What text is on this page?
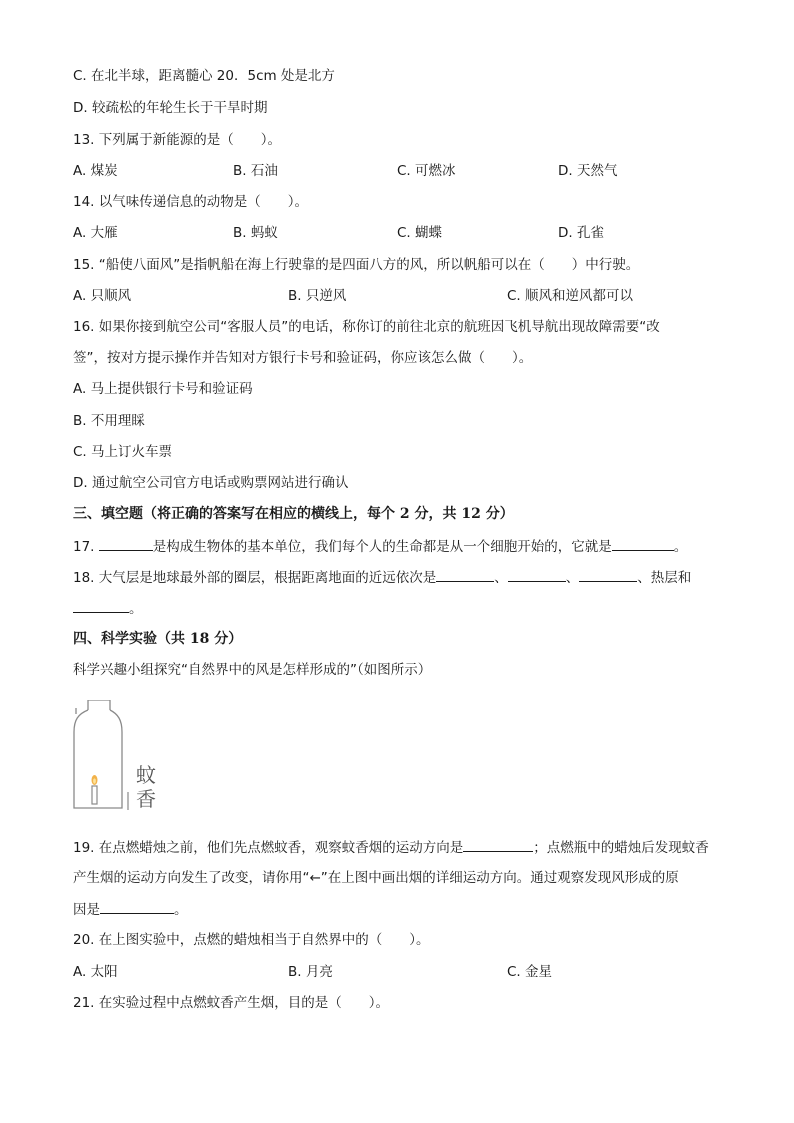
C. 在北半球，距离髓心 20．5cm 处是北方
D. 较疏松的年轮生长于干旱时期
13. 下列属于新能源的是（　　）。
A. 煤炭	B. 石油	C. 可燃冰	D. 天然气
14. 以气味传递信息的动物是（　　）。
A. 大雁	B. 蚂蚁	C. 蝴蝶	D. 孔雀
15. “船使八面风”是指帆船在海上行驶靠的是四面八方的风，所以帆船可以在（　　）中行驶。
A. 只顺风	B. 只逆风	C. 顺风和逆风都可以
16. 如果你接到航空公司“客服人员”的电话，称你订的前往北京的航班因飞机导航出现故障需要“改
签”，按对方提示操作并告知对方银行卡号和验证码，你应该怎么做（　　）。
A. 马上提供银行卡号和验证码
B. 不用理睬
C. 马上订火车票
D. 通过航空公司官方电话或购票网站进行确认
三、填空题（将正确的答案写在相应的横线上，每个 2 分，共 12 分）
17.	是构成生物体的基本单位，我们每个人的生命都是从一个细胞开始的，它就是	。
18. 大气层是地球最外部的圈层，根据距离地面的近远依次是	、	、	、热层和
。
四、科学实验（共 18 分）
科学兴趣小组探究“自然界中的风是怎样形成的”（如图所示）
蚊
香
19. 在点燃蜡烛之前，他们先点燃蚊香，观察蚊香烟的运动方向是	；点燃瓶中的蜡烛后发现蚊香
产生烟的运动方向发生了改变，请你用“←”在上图中画出烟的详细运动方向。通过观察发现风形成的原
因是	。
20. 在上图实验中，点燃的蜡烛相当于自然界中的（　　）。
A. 太阳	B. 月亮	C. 金星
21. 在实验过程中点燃蚊香产生烟，目的是（　　）。
